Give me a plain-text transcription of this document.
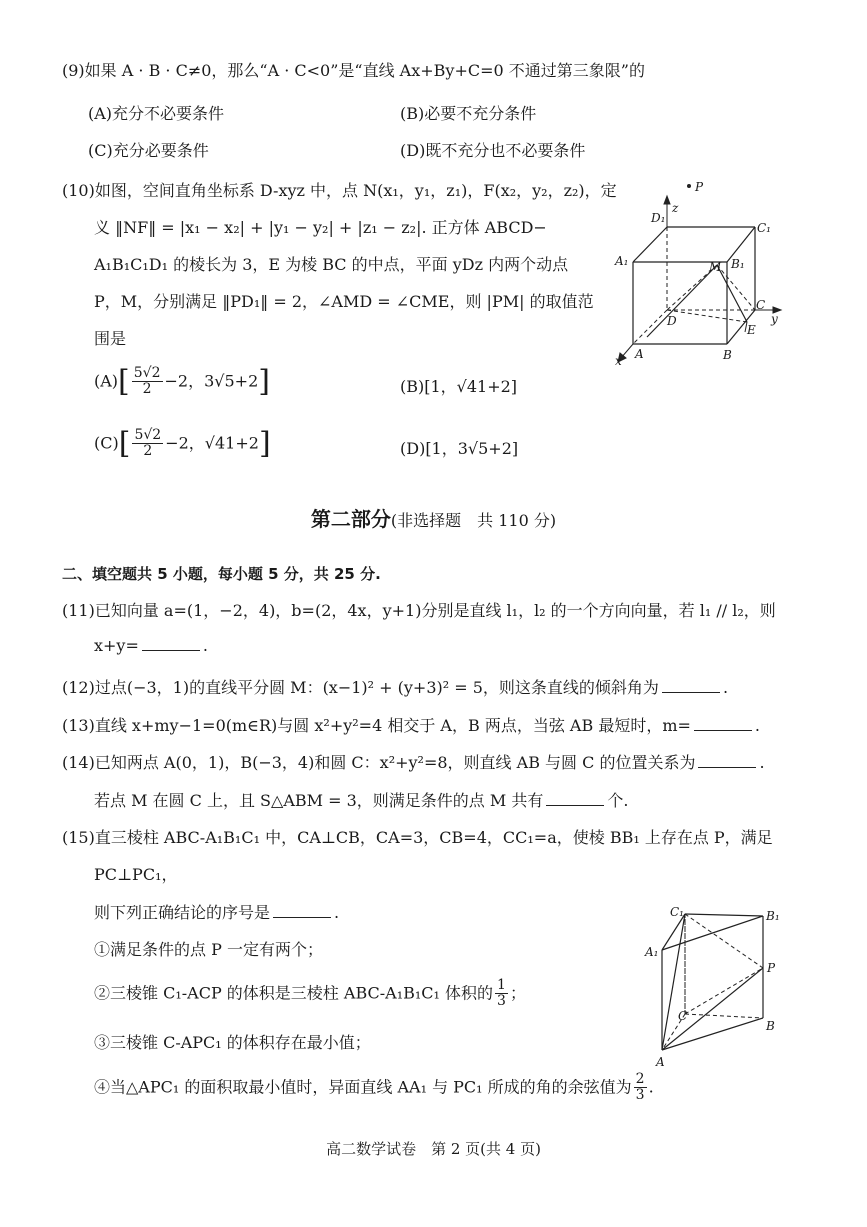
(9)如果 A · B · C≠0，那么“A · C<0”是“直线 Ax+By+C=0 不通过第三象限”的
(A)充分不必要条件	(B)必要不充分条件
(C)充分必要条件	(D)既不充分也不必要条件
(10)如图，空间直角坐标系 D-xyz 中，点 N(x₁，y₁，z₁)，F(x₂，y₂，z₂)，定
义 ‖NF‖ = |x₁ − x₂| + |y₁ − y₂| + |z₁ − z₂|. 正方体 ABCD−
A₁B₁C₁D₁ 的棱长为 3，E 为棱 BC 的中点，平面 yDz 内两个动点
P，M，分别满足 ‖PD₁‖ = 2，∠AMD = ∠CME，则 |PM| 的取值范
围是
$(A)[ \frac{5√2}{2} -2$，3√5+2]	(B)[1，√41+2]
$(C)[ \frac{5√2}{2} -2$，√41+2]	(D)[1，3√5+2]
P
z
D₁
C₁
A₁	M B₁
C
y
D
E
x A	B
第二部分(非选择题　共 110 分)
二、填空题共 5 小题，每小题 5 分，共 25 分.
(11)已知向量 a=(1，−2，4)，b=(2，4x，y+1)分别是直线 l₁，l₂ 的一个方向向量，若 l₁ // l₂，则
x+y=	.
(12)过点(−3，1)的直线平分圆 M：(x−1)² + (y+3)² = 5，则这条直线的倾斜角为	.
(13)直线 x+my−1=0(m∈R)与圆 x²+y²=4 相交于 A，B 两点，当弦 AB 最短时，m=	.
(14)已知两点 A(0，1)，B(−3，4)和圆 C：x²+y²=8，则直线 AB 与圆 C 的位置关系为	.
若点 M 在圆 C 上，且 S△ABM = 3，则满足条件的点 M 共有	个.
(15)直三棱柱 ABC-A₁B₁C₁ 中，CA⊥CB，CA=3，CB=4，CC₁=a，使棱 BB₁ 上存在点 P，满足
PC⊥PC₁，
则下列正确结论的序号是	.
①满足条件的点 P 一定有两个；
②三棱锥 C₁-ACP 的体积是三棱柱 ABC-A₁B₁C₁ 体积的 $\frac{1}{3}$ ；
③三棱锥 C-APC₁ 的体积存在最小值；
④当△APC₁ 的面积取最小值时，异面直线 AA₁ 与 PC₁ 所成的角的余弦值为 $\frac{2}{3}$ .
C₁	B₁
A₁
P
C
B
A
高二数学试卷　第 2 页(共 4 页)
